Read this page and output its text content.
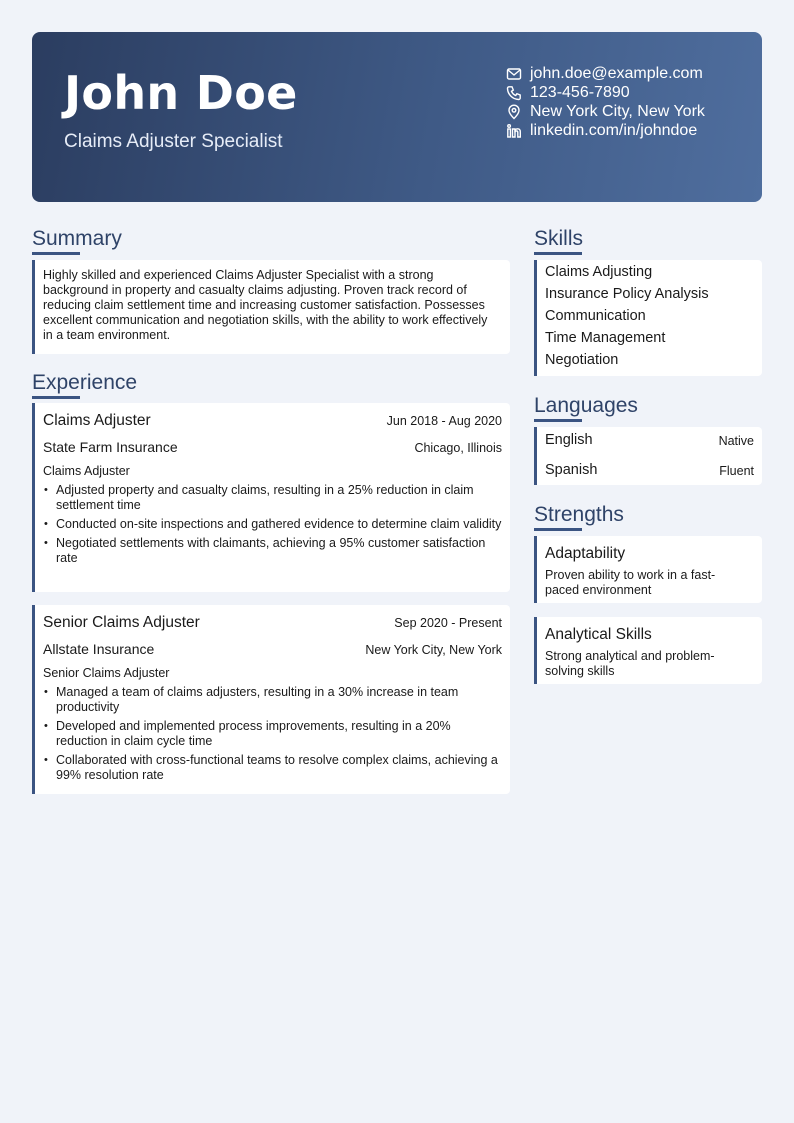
John Doe
Claims Adjuster Specialist
john.doe@example.com
123-456-7890
New York City, New York
linkedin.com/in/johndoe
Summary

Highly skilled and experienced Claims Adjuster Specialist with a strong background in property and casualty claims adjusting. Proven track record of reducing claim settlement time and increasing customer satisfaction. Possesses excellent communication and negotiation skills, with the ability to work effectively in a team environment.

Experience
Claims Adjuster	Jun 2018 - Aug 2020
State Farm Insurance	Chicago, Illinois
Claims Adjuster
• Adjusted property and casualty claims, resulting in a 25% reduction in claim settlement time
• Conducted on-site inspections and gathered evidence to determine claim validity
• Negotiated settlements with claimants, achieving a 95% customer satisfaction rate
Senior Claims Adjuster	Sep 2020 - Present
Allstate Insurance	New York City, New York
Senior Claims Adjuster
• Managed a team of claims adjusters, resulting in a 30% increase in team productivity
• Developed and implemented process improvements, resulting in a 20% reduction in claim cycle time
• Collaborated with cross-functional teams to resolve complex claims, achieving a 99% resolution rate
Skills
Claims Adjusting
Insurance Policy Analysis
Communication
Time Management
Negotiation
Languages
English	Native
Spanish	Fluent
Strengths
Adaptability
Proven ability to work in a fast-paced environment
Analytical Skills
Strong analytical and problem-solving skills
